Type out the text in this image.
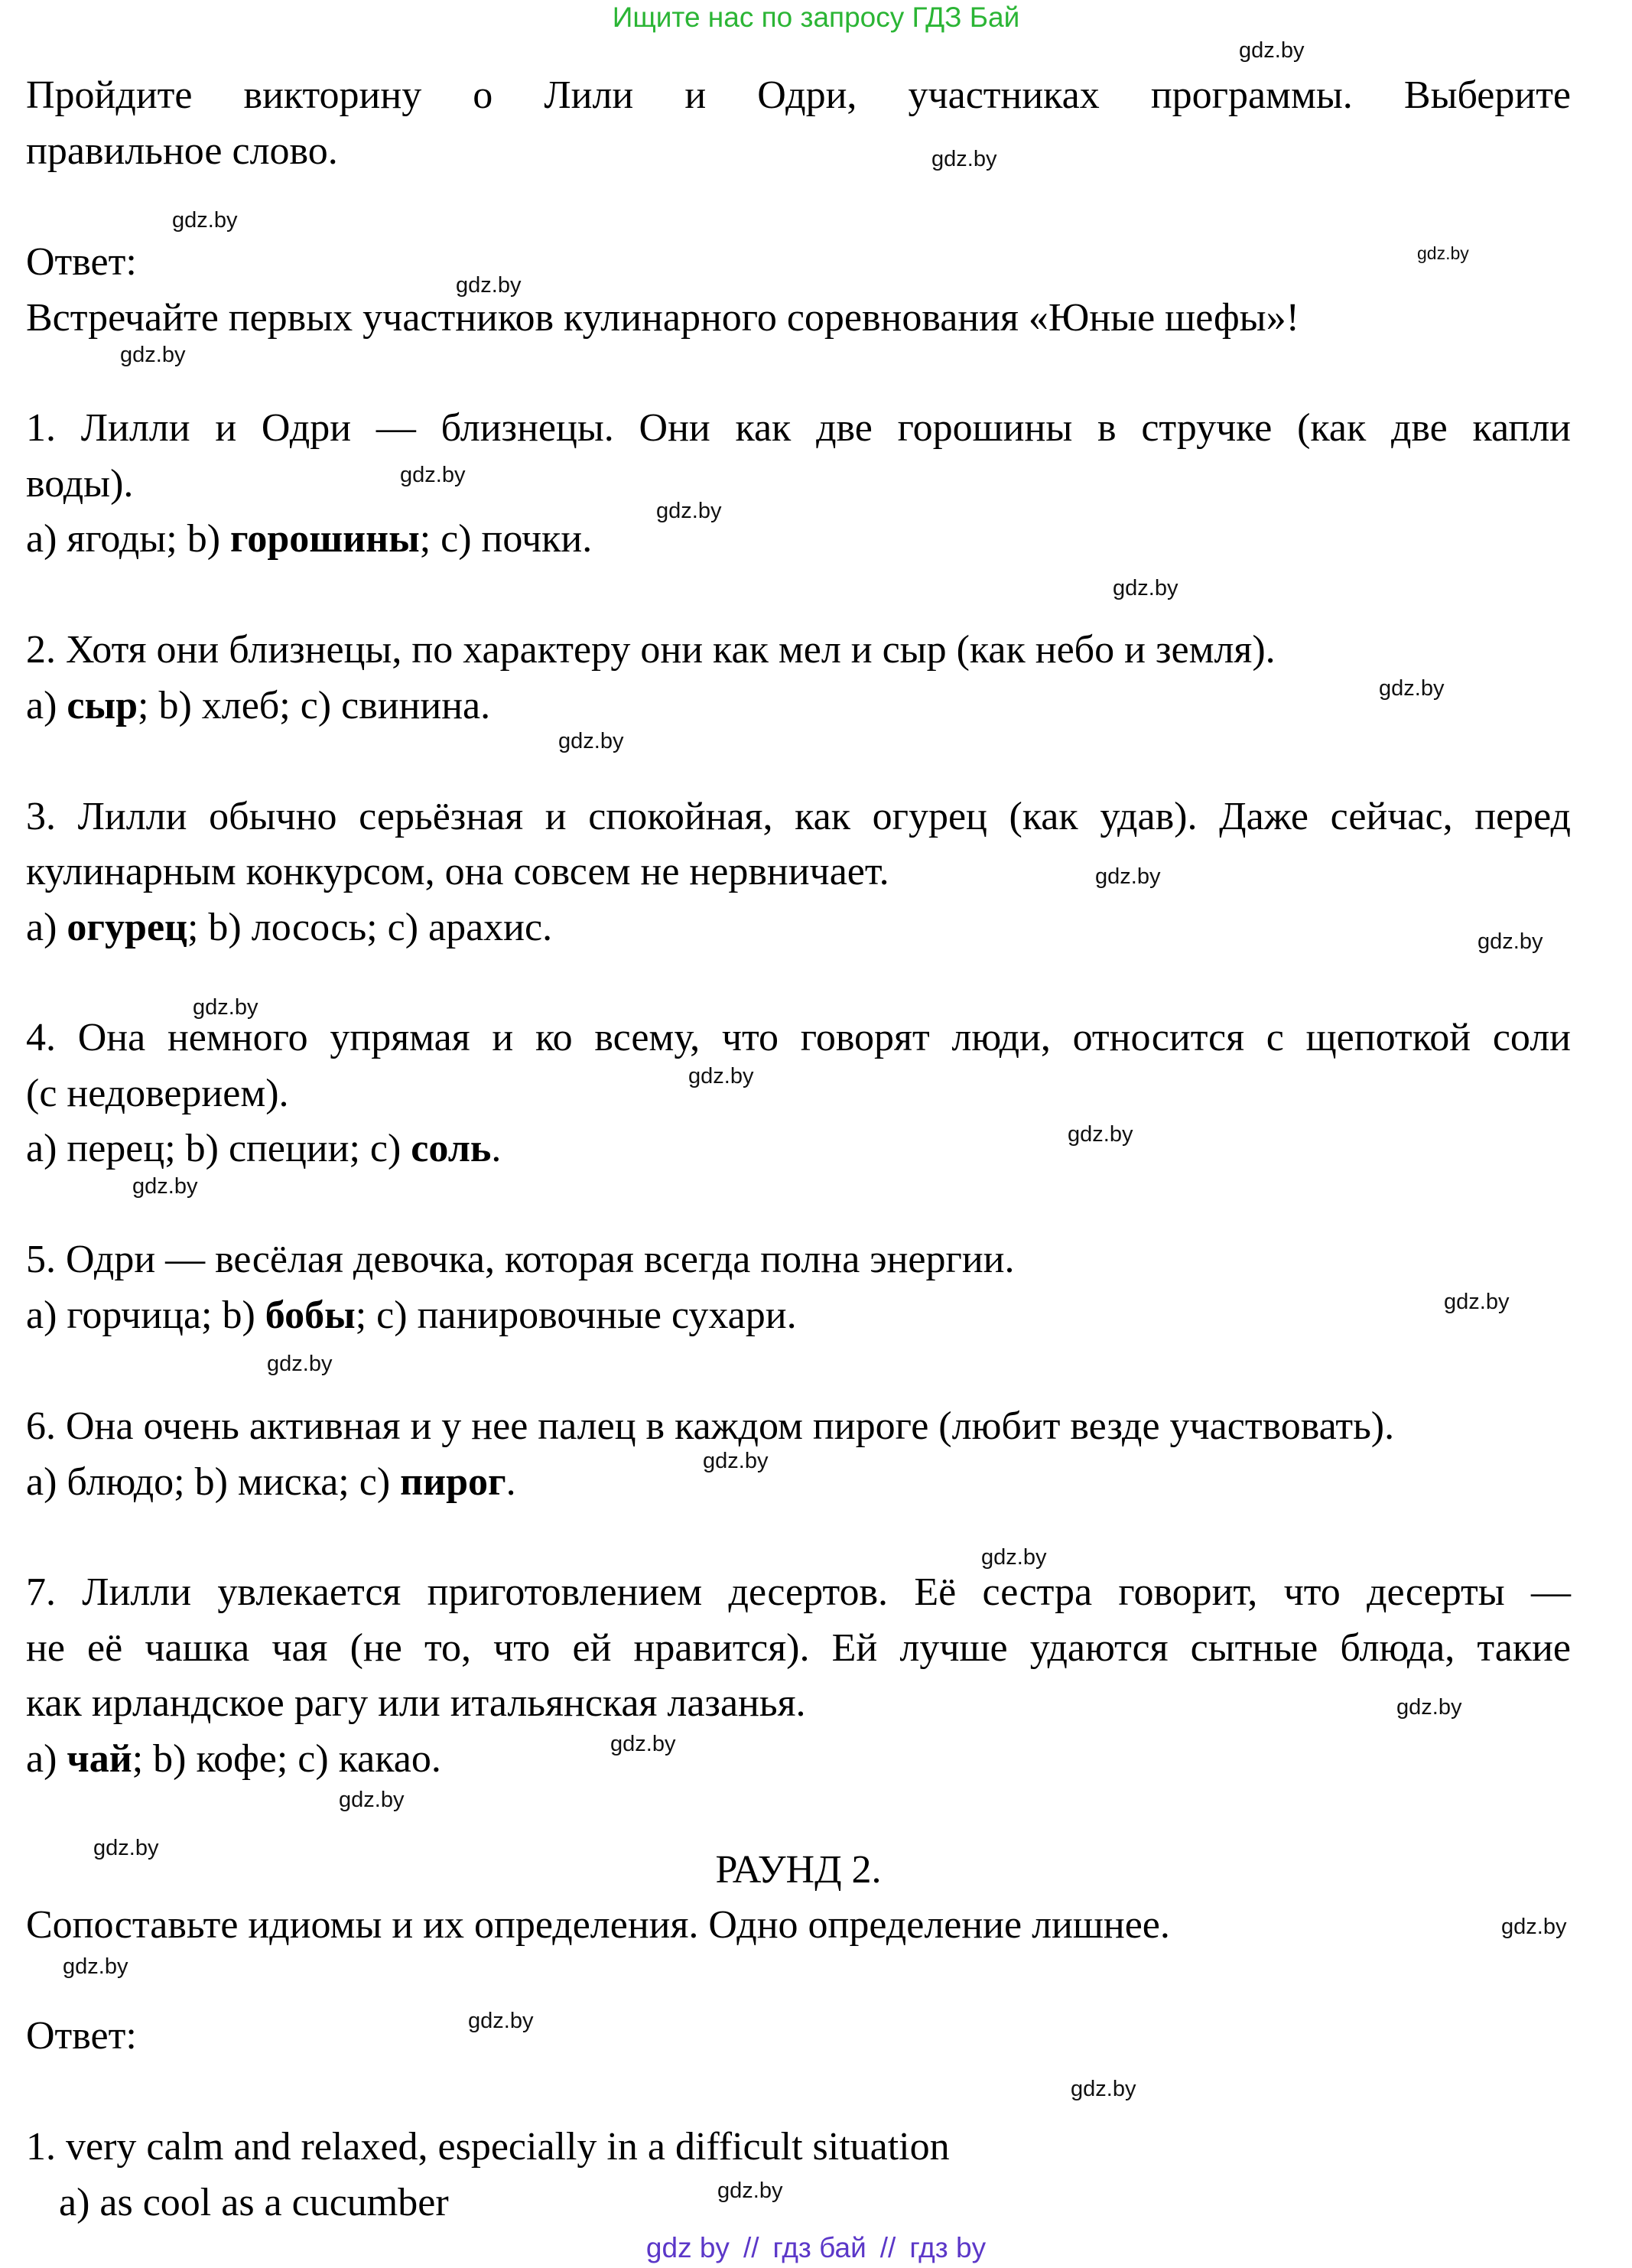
Ищите нас по запросу ГДЗ Бай
Пройдите викторину о Лили и Одри, участниках программы. Выберите
правильное слово.
Ответ:
Встречайте первых участников кулинарного соревнования «Юные шефы»!
1. Лилли и Одри — близнецы. Они как две горошины в стручке (как две капли
воды).
a) ягоды; b) горошины; c) почки.
2. Хотя они близнецы, по характеру они как мел и сыр (как небо и земля).
a) сыр; b) хлеб; c) свинина.
3. Лилли обычно серьёзная и спокойная, как огурец (как удав). Даже сейчас, перед
кулинарным конкурсом, она совсем не нервничает.
a) огурец; b) лосось; c) арахис.
4. Она немного упрямая и ко всему, что говорят люди, относится с щепоткой соли
(с недоверием).
a) перец; b) специи; c) соль.
5. Одри — весёлая девочка, которая всегда полна энергии.
a) горчица; b) бобы; c) панировочные сухари.
6. Она очень активная и у нее палец в каждом пироге (любит везде участвовать).
a) блюдо; b) миска; c) пирог.
7. Лилли увлекается приготовлением десертов. Её сестра говорит, что десерты —
не её чашка чая (не то, что ей нравится). Ей лучше удаются сытные блюда, такие
как ирландское рагу или итальянская лазанья.
a) чай; b) кофе; c) какао.
РАУНД 2.
Сопоставьте идиомы и их определения. Одно определение лишнее.
Ответ:
1. very calm and relaxed, especially in a difficult situation
a) as cool as a cucumber
gdz.by
gdz.by
gdz.by
gdz.by
gdz.by
gdz.by
gdz.by
gdz.by
gdz.by
gdz.by
gdz.by
gdz.by
gdz.by
gdz.by
gdz.by
gdz.by
gdz.by
gdz.by
gdz.by
gdz.by
gdz.by
gdz.by
gdz.by
gdz.by
gdz.by
gdz.by
gdz.by
gdz.by
gdz.by
gdz.by
gdz by // гдз бай // гдз by
